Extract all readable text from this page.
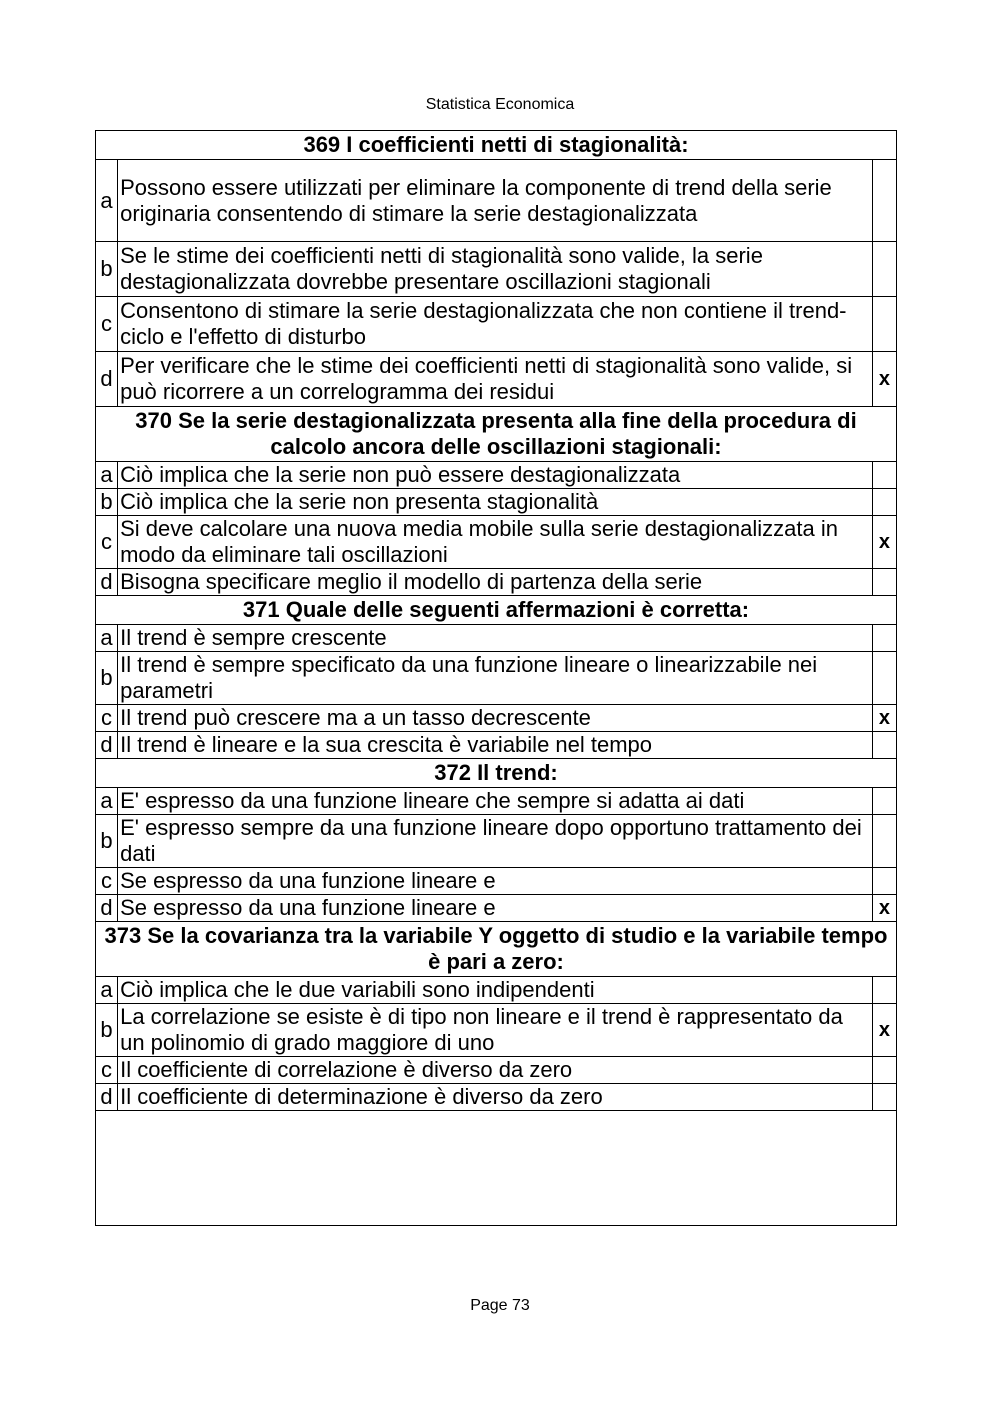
Statistica Economica
369 I coefficienti netti di stagionalità:		
a	Possono essere utilizzati per eliminare la componente di trend della serie originaria consentendo di stimare la serie destagionalizzata	
b	Se le stime dei coefficienti netti di stagionalità sono valide, la serie destagionalizzata dovrebbe presentare oscillazioni stagionali	
c	Consentono di stimare la serie destagionalizzata che non contiene il trend-ciclo e l'effetto di disturbo	
d	Per verificare che le stime dei coefficienti netti di stagionalità sono valide, si può ricorrere a un correlogramma dei residui	x
370 Se la serie destagionalizzata presenta alla fine della procedura di calcolo ancora delle oscillazioni stagionali:		
a	Ciò implica che la serie non può essere destagionalizzata	
b	Ciò implica che la serie non presenta stagionalità	
c	Si deve calcolare una nuova media mobile sulla serie destagionalizzata in modo da eliminare tali oscillazioni	x
d	Bisogna specificare meglio il modello di partenza della serie	
371 Quale delle seguenti affermazioni è corretta:		
a	Il trend è sempre crescente	
b	Il trend è sempre specificato da una funzione lineare o linearizzabile nei parametri	
c	Il trend può crescere ma a un tasso decrescente	x
d	Il trend è lineare e la sua crescita è variabile nel tempo	
372 Il trend:		
a	E' espresso da una funzione lineare che sempre si adatta ai dati	
b	E' espresso sempre da una funzione lineare dopo opportuno trattamento dei dati	
c	Se espresso da una funzione lineare e	
d	Se espresso da una funzione lineare e	x
373 Se la covarianza tra la variabile Y oggetto di studio e la variabile tempo è pari a zero:		
a	Ciò implica che le due variabili sono indipendenti	
b	La correlazione se esiste è di tipo non lineare e il trend è rappresentato da un polinomio di grado maggiore di uno	x
c	Il coefficiente di correlazione è diverso da zero	
d	Il coefficiente di determinazione è diverso da zero	

Page 73
